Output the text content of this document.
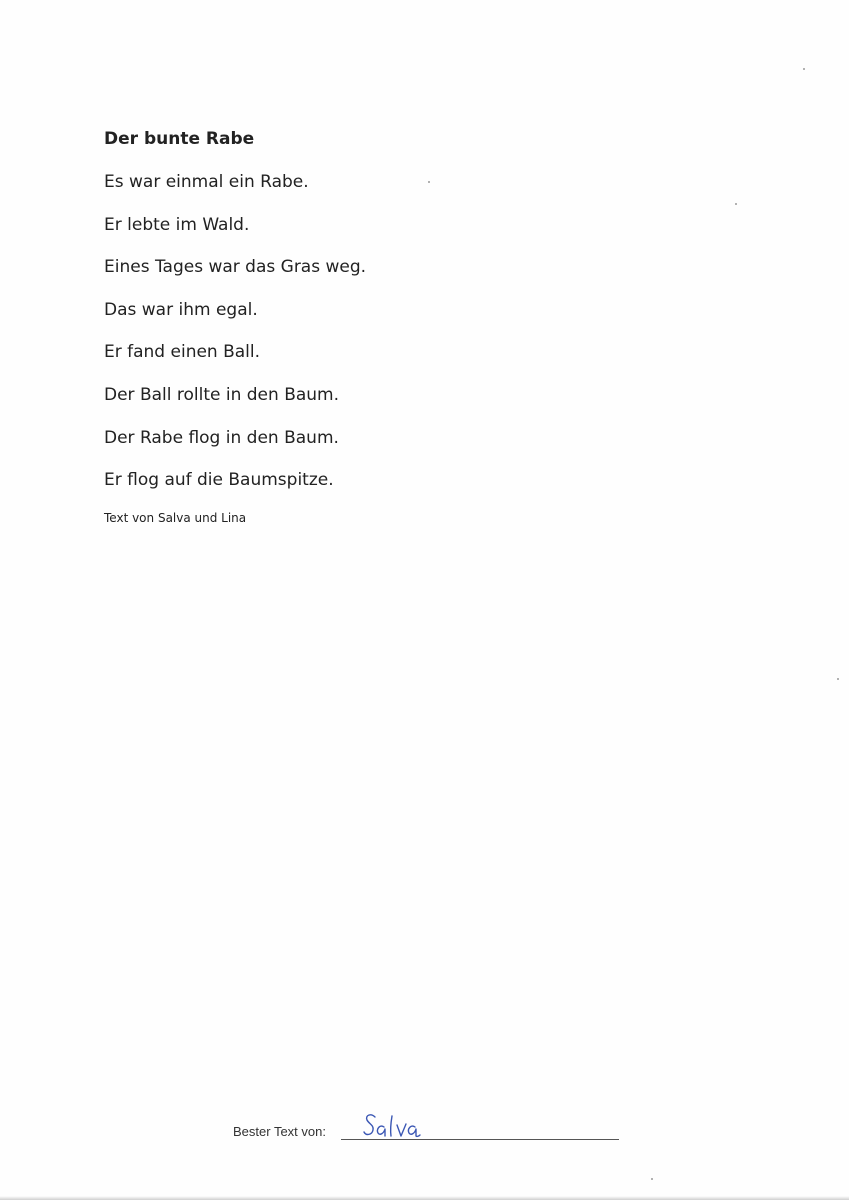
Der bunte Rabe
Es war einmal ein Rabe.
Er lebte im Wald.
Eines Tages war das Gras weg.
Das war ihm egal.
Er fand einen Ball.
Der Ball rollte in den Baum.
Der Rabe flog in den Baum.
Er flog auf die Baumspitze.
Text von Salva und Lina
Bester Text von:
